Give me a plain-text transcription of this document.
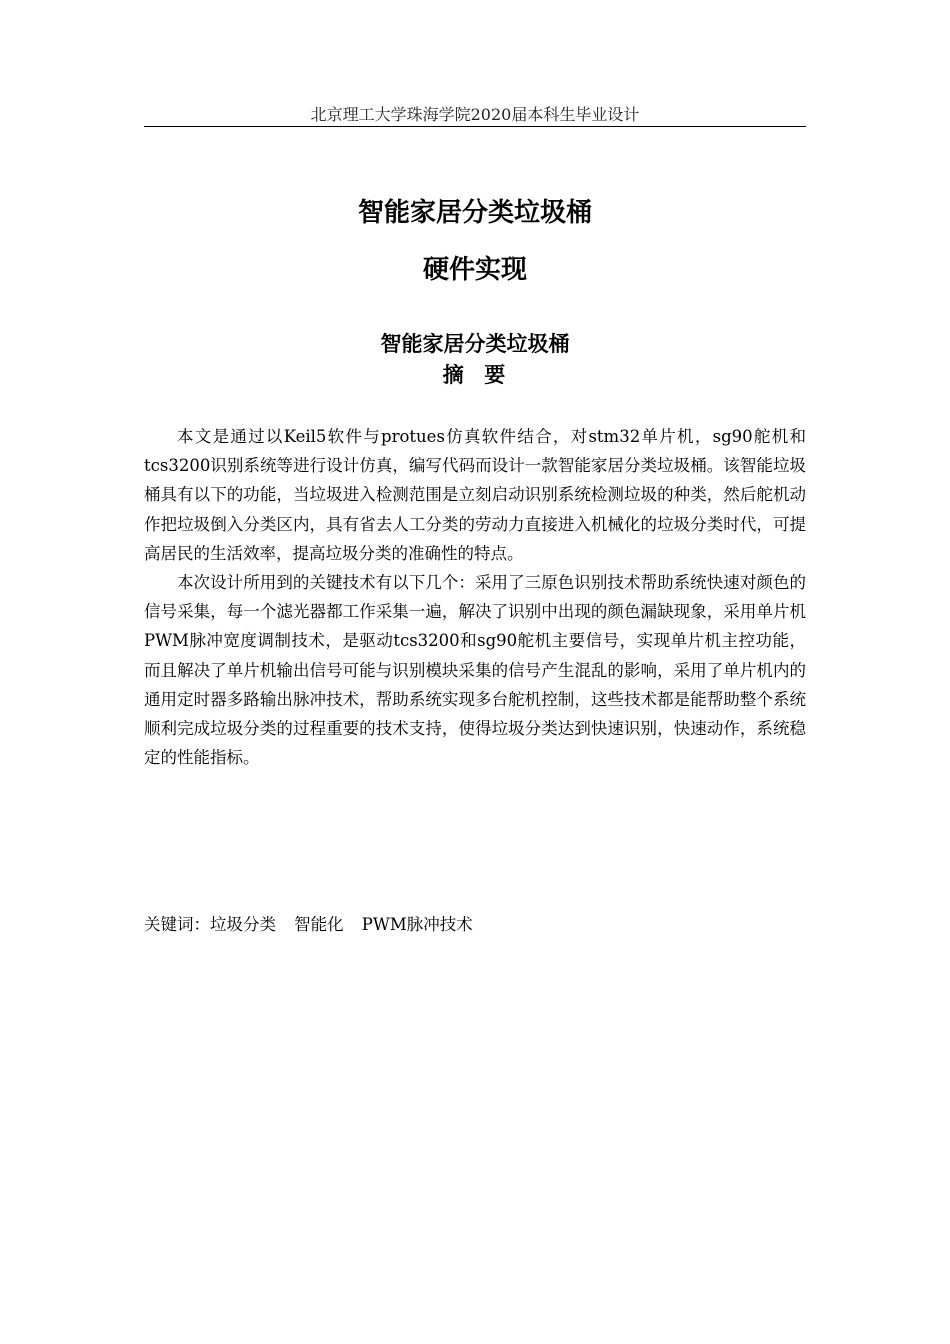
北京理工大学珠海学院2020届本科生毕业设计
智能家居分类垃圾桶
硬件实现
智能家居分类垃圾桶
摘  要

本文是通过以Keil5软件与protues仿真软件结合，对stm32单片机，sg90舵机和tcs3200识别系统等进行设计仿真，编写代码而设计一款智能家居分类垃圾桶。该智能垃圾桶具有以下的功能，当垃圾进入检测范围是立刻启动识别系统检测垃圾的种类，然后舵机动作把垃圾倒入分类区内，具有省去人工分类的劳动力直接进入机械化的垃圾分类时代，可提高居民的生活效率，提高垃圾分类的准确性的特点。

本次设计所用到的关键技术有以下几个：采用了三原色识别技术帮助系统快速对颜色的信号采集，每一个滤光器都工作采集一遍，解决了识别中出现的颜色漏缺现象，采用单片机PWM脉冲宽度调制技术，是驱动tcs3200和sg90舵机主要信号，实现单片机主控功能，而且解决了单片机输出信号可能与识别模块采集的信号产生混乱的影响，采用了单片机内的通用定时器多路输出脉冲技术，帮助系统实现多台舵机控制，这些技术都是能帮助整个系统顺利完成垃圾分类的过程重要的技术支持，使得垃圾分类达到快速识别，快速动作，系统稳定的性能指标。

关键词：垃圾分类 智能化 PWM脉冲技术
